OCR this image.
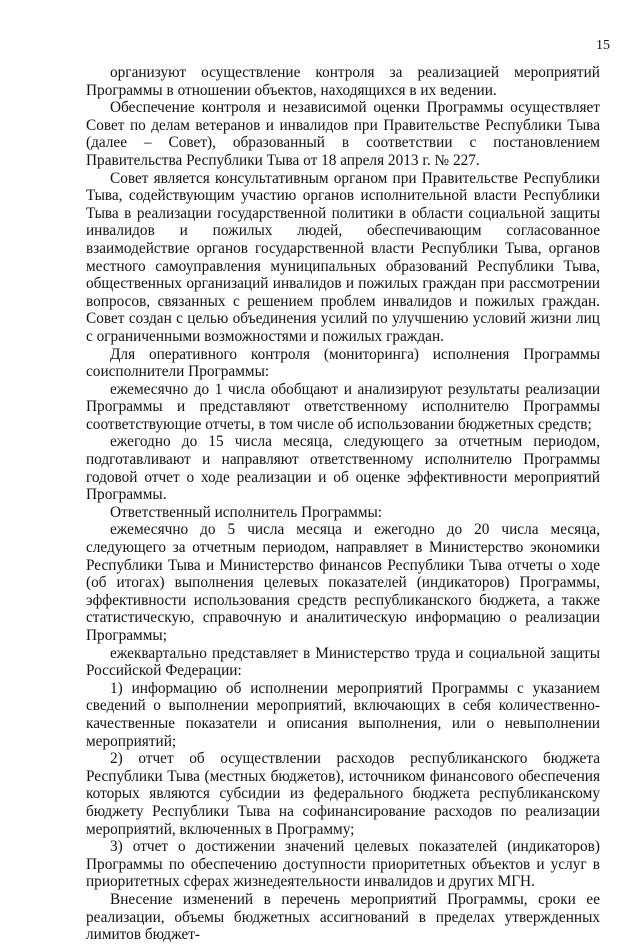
15

организуют осуществление контроля за реализацией мероприятий Программы в отношении объектов, находящихся в их ведении.

Обеспечение контроля и независимой оценки Программы осуществляет Совет по делам ветеранов и инвалидов при Правительстве Республики Тыва (далее – Совет), образованный в соответствии с постановлением Правительства Республики Тыва от 18 апреля 2013 г. № 227.

Совет является консультативным органом при Правительстве Республики Тыва, содействующим участию органов исполнительной власти Республики Тыва в реализации государственной политики в области социальной защиты инвалидов и пожилых людей, обеспечивающим согласованное взаимодействие органов государственной власти Республики Тыва, органов местного самоуправления муниципальных образований Республики Тыва, общественных организаций инвалидов и пожилых граждан при рассмотрении вопросов, связанных с решением проблем инвалидов и пожилых граждан. Совет создан с целью объединения усилий по улучшению условий жизни лиц с ограниченными возможностями и пожилых граждан.

Для оперативного контроля (мониторинга) исполнения Программы соисполнители Программы:

ежемесячно до 1 числа обобщают и анализируют результаты реализации Программы и представляют ответственному исполнителю Программы соответствующие отчеты, в том числе об использовании бюджетных средств;

ежегодно до 15 числа месяца, следующего за отчетным периодом, подготавливают и направляют ответственному исполнителю Программы годовой отчет о ходе реализации и об оценке эффективности мероприятий Программы.

Ответственный исполнитель Программы:

ежемесячно до 5 числа месяца и ежегодно до 20 числа месяца, следующего за отчетным периодом, направляет в Министерство экономики Республики Тыва и Министерство финансов Республики Тыва отчеты о ходе (об итогах) выполнения целевых показателей (индикаторов) Программы, эффективности использования средств республиканского бюджета, а также статистическую, справочную и аналитическую информацию о реализации Программы;

ежеквартально представляет в Министерство труда и социальной защиты Российской Федерации:

1) информацию об исполнении мероприятий Программы с указанием сведений о выполнении мероприятий, включающих в себя количественно-качественные показатели и описания выполнения, или о невыполнении мероприятий;

2) отчет об осуществлении расходов республиканского бюджета Республики Тыва (местных бюджетов), источником финансового обеспечения которых являются субсидии из федерального бюджета республиканскому бюджету Республики Тыва на софинансирование расходов по реализации мероприятий, включенных в Программу;

3) отчет о достижении значений целевых показателей (индикаторов) Программы по обеспечению доступности приоритетных объектов и услуг в приоритетных сферах жизнедеятельности инвалидов и других МГН.

Внесение изменений в перечень мероприятий Программы, сроки ее реализации, объемы бюджетных ассигнований в пределах утвержденных лимитов бюджет-
